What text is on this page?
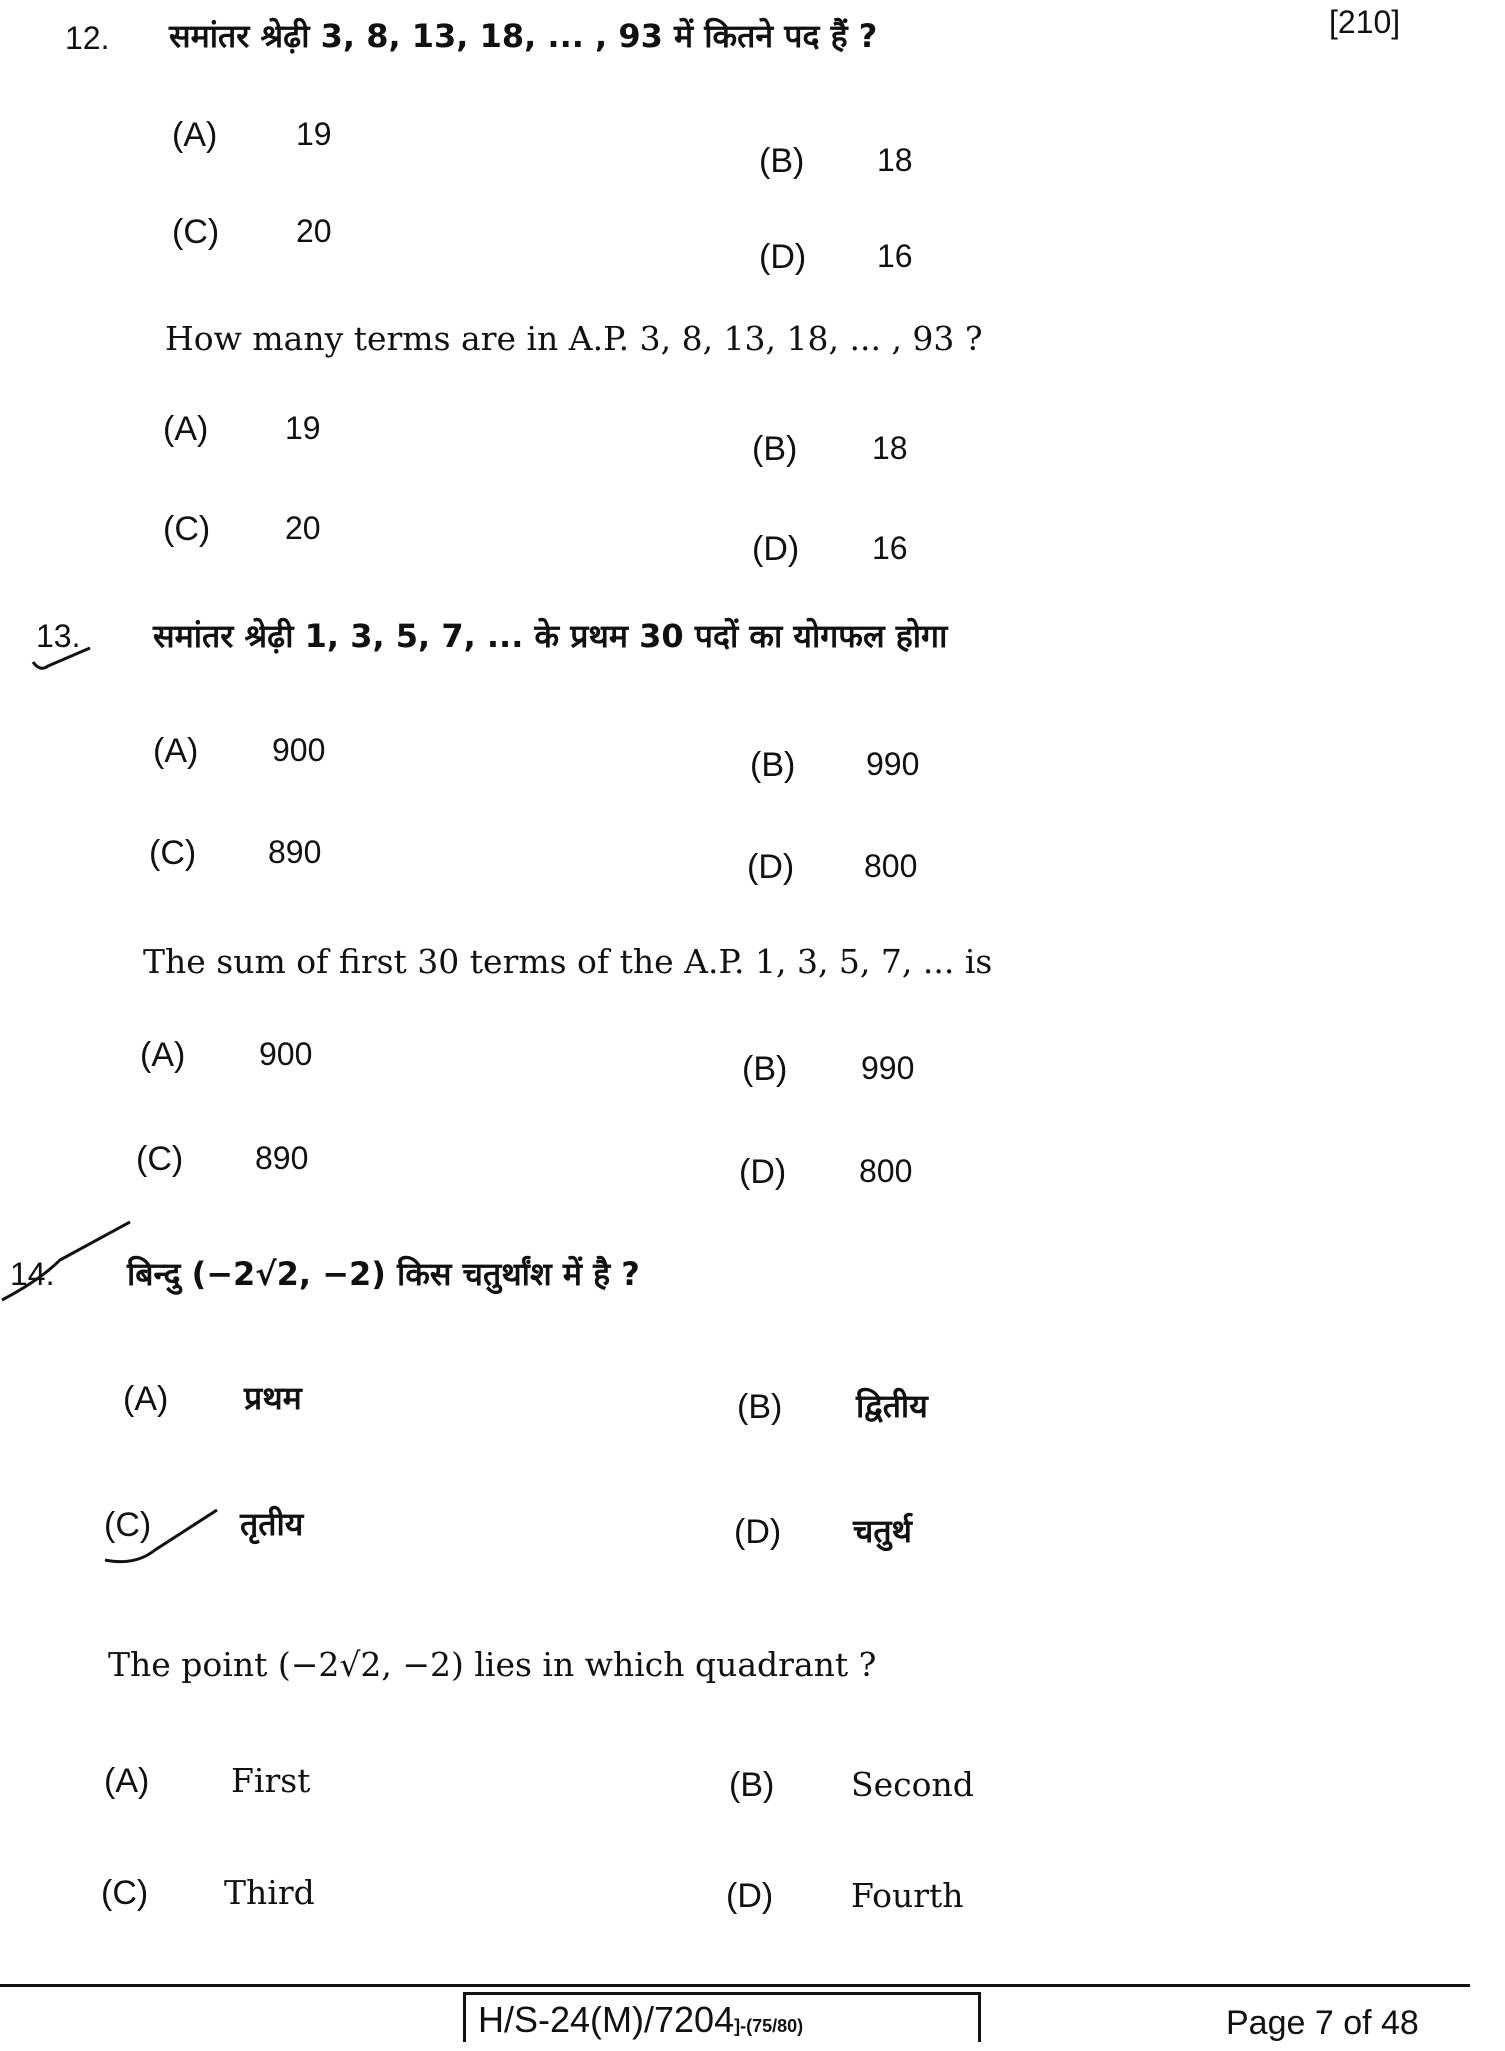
[210]
12. समांतर श्रेढ़ी 3, 8, 13, 18, ... , 93 में कितने पद हैं ?
(A) 19
(B) 18
(C) 20
(D) 16
How many terms are in A.P. 3, 8, 13, 18, ... , 93 ?
(A) 19
(B) 18
(C) 20
(D) 16
13. समांतर श्रेढ़ी 1, 3, 5, 7, ... के प्रथम 30 पदों का योगफल होगा
(A) 900	(B) 990
(C) 890	(D) 800
The sum of first 30 terms of the A.P. 1, 3, 5, 7, ... is
(A) 900	(B) 990
(C) 890	(D) 800
14. बिन्दु (−2√2, −2) किस चतुर्थांश में है ?
(A) प्रथम	(B) द्वितीय
(C)	तृतीय	(D) चतुर्थ
The point (−2√2, −2) lies in which quadrant ?
(A) First	(B) Second
(C) Third	(D) Fourth
H/S-24(M)/7204]-(75/80)	Page 7 of 48
